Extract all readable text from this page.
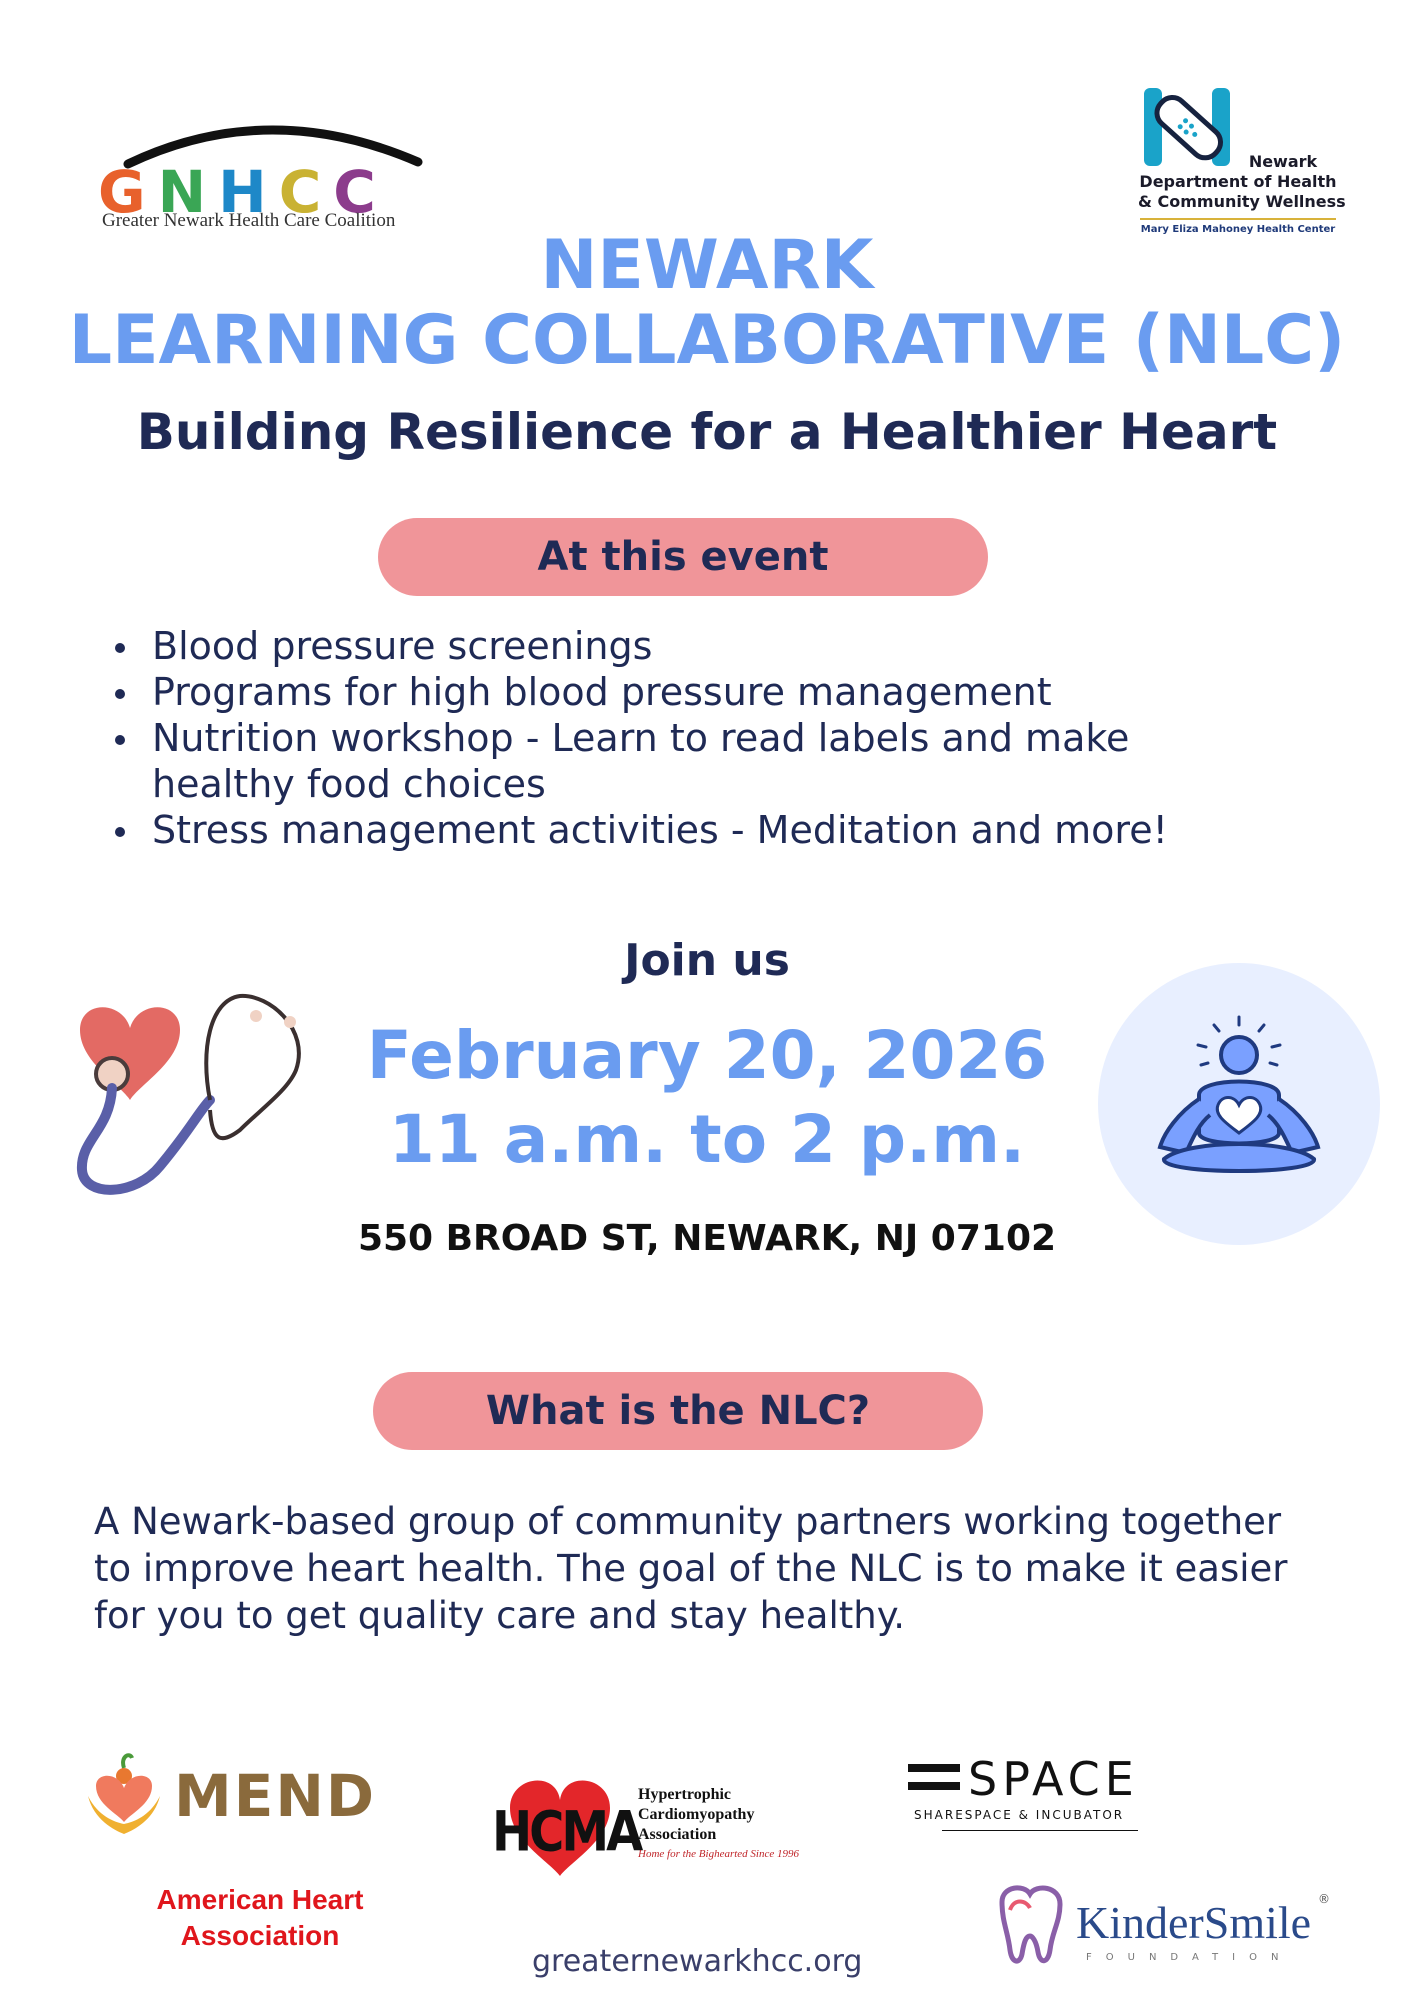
GNHCC
Greater Newark Health Care Coalition
Newark
Department of Health
& Community Wellness
Mary Eliza Mahoney Health Center
NEWARK
LEARNING COLLABORATIVE (NLC)
Building Resilience for a Healthier Heart
At this event
Blood pressure screenings
Programs for high blood pressure management
Nutrition workshop - Learn to read labels and make healthy food choices
Stress management activities - Meditation and more!
Join us
February 20, 2026
11 a.m. to 2 p.m.
550 BROAD ST, NEWARK, NJ 07102
What is the NLC?
A Newark-based group of community partners working together to improve heart health. The goal of the NLC is to make it easier for you to get quality care and stay healthy.
MEND
American Heart Association
HCMA
Hypertrophic
Cardiomyopathy
Association
Home for the Bighearted Since 1996
SPACE
SHARESPACE & INCUBATOR
KinderSmile ®
FOUNDATION
greaternewarkhcc.org
